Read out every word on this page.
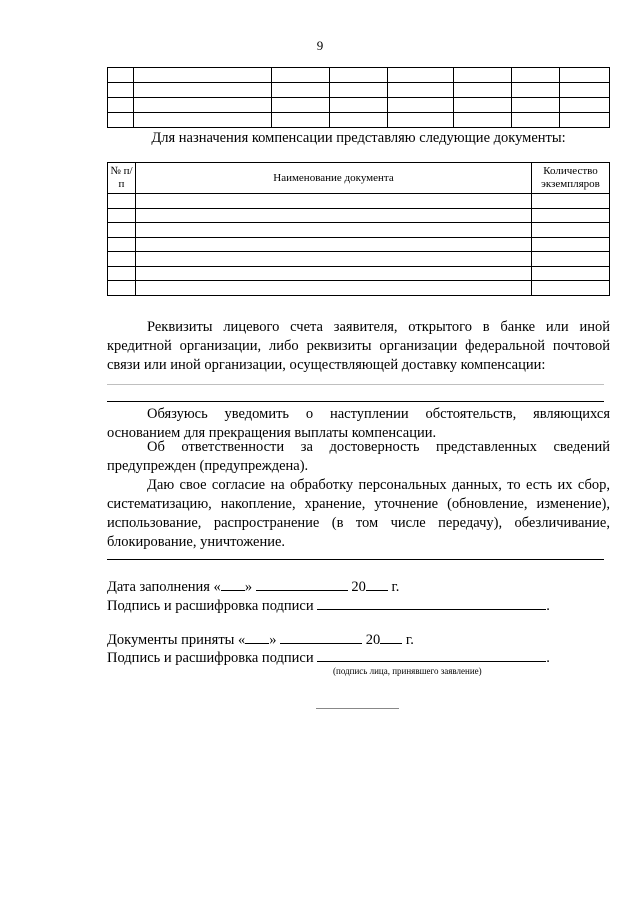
9

Для назначения компенсации представляю следующие документы:
№ п/п	Наименование документа	Количество экземпляров

Реквизиты лицевого счета заявителя, открытого в банке или иной кредитной организации, либо реквизиты организации федеральной почтовой связи или иной организации, осуществляющей доставку компенсации:
Обязуюсь уведомить о наступлении обстоятельств, являющихся основанием для прекращения выплаты компенсации.
Об ответственности за достоверность представленных сведений предупрежден (предупреждена).
Даю свое согласие на обработку персональных данных, то есть их сбор, систематизацию, накопление, хранение, уточнение (обновление, изменение), использование, распространение (в том числе передачу), обезличивание, блокирование, уничтожение.
Дата заполнения « »	20 г.
Подпись и расшифровка подписи	.
Документы приняты « »	20 г.
Подпись и расшифровка подписи	.
(подпись лица, принявшего заявление)
